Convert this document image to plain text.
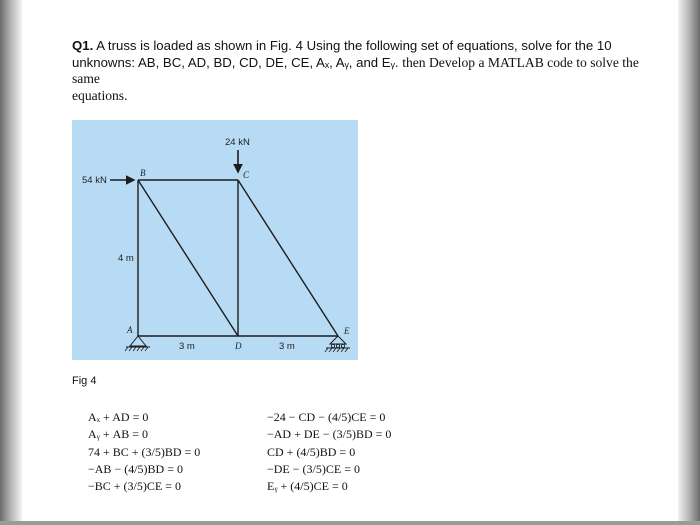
Q1. A truss is loaded as shown in Fig. 4 Using the following set of equations, solve for the 10
unknowns: AB, BC, AD, BD, CD, DE, CE, Aₓ, Aᵧ, and Eᵧ. then Develop a MATLAB code to solve the same
equations.
24 kN
54 kN
4 m
3 m	3 m
A
B	C
D
E
Fig 4
Aₓ + AD = 0
Aᵧ + AB = 0
74 + BC + (3/5)BD = 0
−AB − (4/5)BD = 0
−BC + (3/5)CE = 0
−24 − CD − (4/5)CE = 0
−AD + DE − (3/5)BD = 0
CD + (4/5)BD = 0
−DE − (3/5)CE = 0
Eᵧ + (4/5)CE = 0
